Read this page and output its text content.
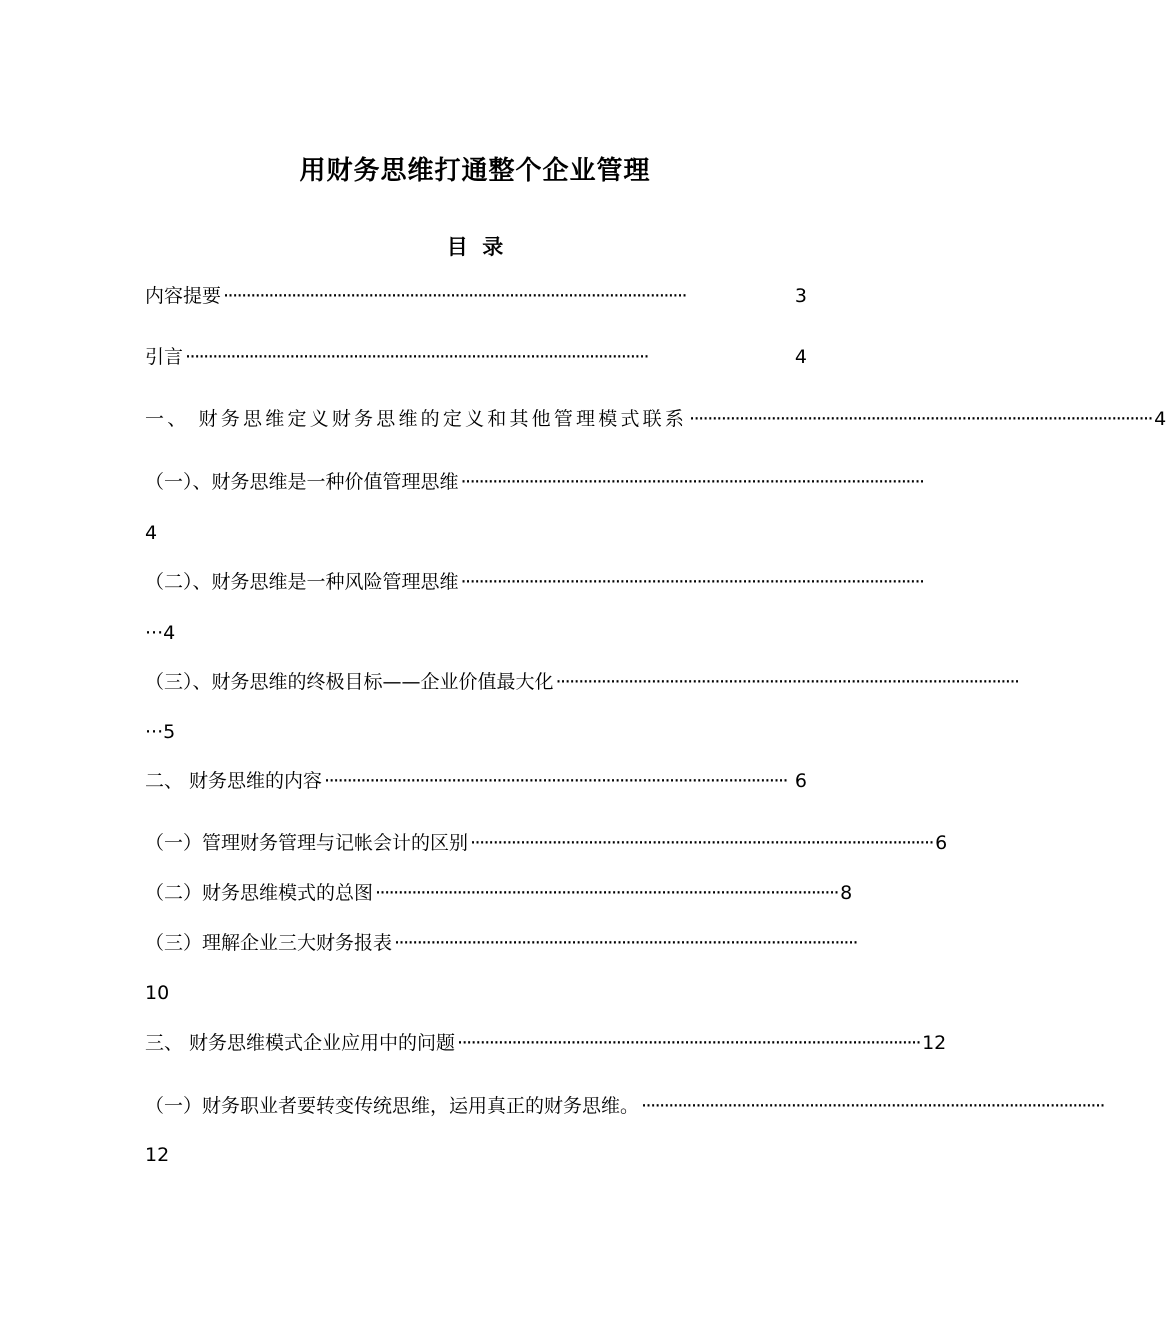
用财务思维打通整个企业管理
目  录
内容提要 ······································································································	3
引言 ······································································································	4
一、 财务思维定义财务思维的定义和其他管理模式联系 ······································································································ 4
（一）、财务思维是一种价值管理思维 ······································································································
4
（二）、财务思维是一种风险管理思维 ······································································································
···4
（三）、财务思维的终极目标——企业价值最大化 ······································································································
···5
二、 财务思维的内容 ······································································································ 6
（一）管理财务管理与记帐会计的区别 ······································································································ 6
（二）财务思维模式的总图 ······································································································ 8
（三）理解企业三大财务报表 ······································································································
10
三、 财务思维模式企业应用中的问题 ······································································································ 12
（一）财务职业者要转变传统思维，运用真正的财务思维。 ······································································································
12
